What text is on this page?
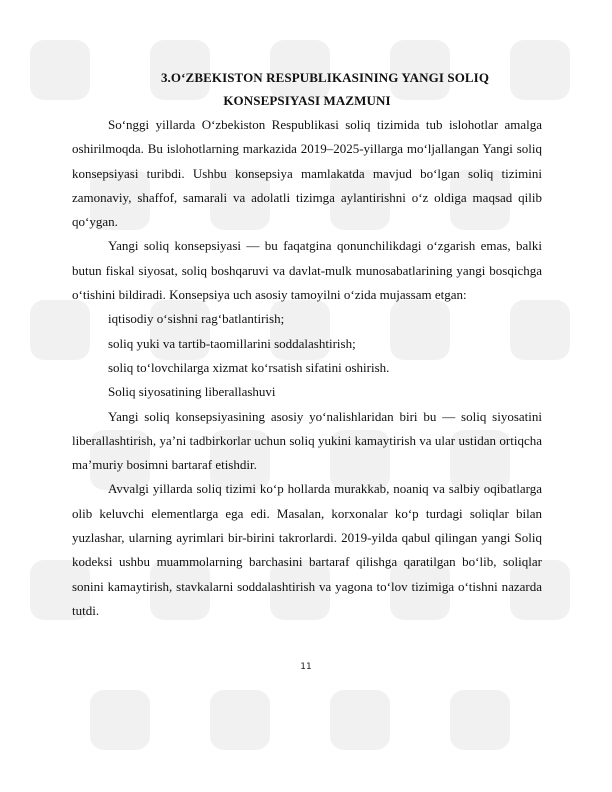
3.O‘ZBEKISTON RESPUBLIKASINING YANGI SOLIQ
KONSEPSIYASI MAZMUNI

So‘nggi yillarda O‘zbekiston Respublikasi soliq tizimida tub islohotlar amalga oshirilmoqda. Bu islohotlarning markazida 2019–2025-yillarga mo‘ljallangan Yangi soliq konsepsiyasi turibdi. Ushbu konsepsiya mamlakatda mavjud bo‘lgan soliq tizimini zamonaviy, shaffof, samarali va adolatli tizimga aylantirishni o‘z oldiga maqsad qilib qo‘ygan.

Yangi soliq konsepsiyasi — bu faqatgina qonunchilikdagi o‘zgarish emas, balki butun fiskal siyosat, soliq boshqaruvi va davlat-mulk munosabatlarining yangi bosqichga o‘tishini bildiradi. Konsepsiya uch asosiy tamoyilni o‘zida mujassam etgan:

iqtisodiy o‘sishni rag‘batlantirish;

soliq yuki va tartib-taomillarini soddalashtirish;

soliq to‘lovchilarga xizmat ko‘rsatish sifatini oshirish.

Soliq siyosatining liberallashuvi

Yangi soliq konsepsiyasining asosiy yo‘nalishlaridan biri bu — soliq siyosatini liberallashtirish, ya’ni tadbirkorlar uchun soliq yukini kamaytirish va ular ustidan ortiqcha ma’muriy bosimni bartaraf etishdir.

Avvalgi yillarda soliq tizimi ko‘p hollarda murakkab, noaniq va salbiy oqibatlarga olib keluvchi elementlarga ega edi. Masalan, korxonalar ko‘p turdagi soliqlar bilan yuzlashar, ularning ayrimlari bir-birini takrorlardi. 2019-yilda qabul qilingan yangi Soliq kodeksi ushbu muammolarning barchasini bartaraf qilishga qaratilgan bo‘lib, soliqlar sonini kamaytirish, stavkalarni soddalashtirish va yagona to‘lov tizimiga o‘tishni nazarda tutdi.

11
